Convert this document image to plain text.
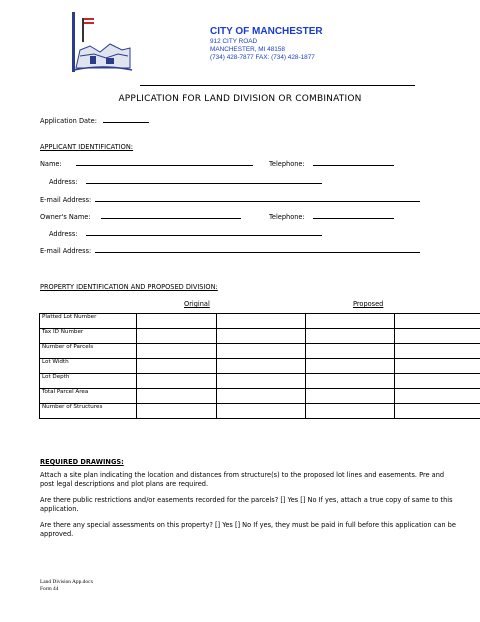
CITY OF MANCHESTER
912 CITY ROAD
MANCHESTER, MI 48158
(734) 428-7877 FAX: (734) 428-1877
APPLICATION FOR LAND DIVISION OR COMBINATION
Application Date:
APPLICANT IDENTIFICATION:
Name:	Telephone:
Address:
E-mail Address:
Owner's Name:	Telephone:
Address:
E-mail Address:
PROPERTY IDENTIFICATION AND PROPOSED DIVISION:
Original	Proposed
Platted Lot Number				
Tax ID Number				
Number of Parcels				
Lot Width				
Lot Depth				
Total Parcel Area				
Number of Structures				
REQUIRED DRAWINGS:
Attach a site plan indicating the location and distances from structure(s) to the proposed lot lines and easements. Pre and post legal descriptions and plot plans are required.
Are there public restrictions and/or easements recorded for the parcels? [] Yes [] No If yes, attach a true copy of same to this application.
Are there any special assessments on this property? [] Yes [] No If yes, they must be paid in full before this application can be approved.
Land Division App.docx
Form 44
